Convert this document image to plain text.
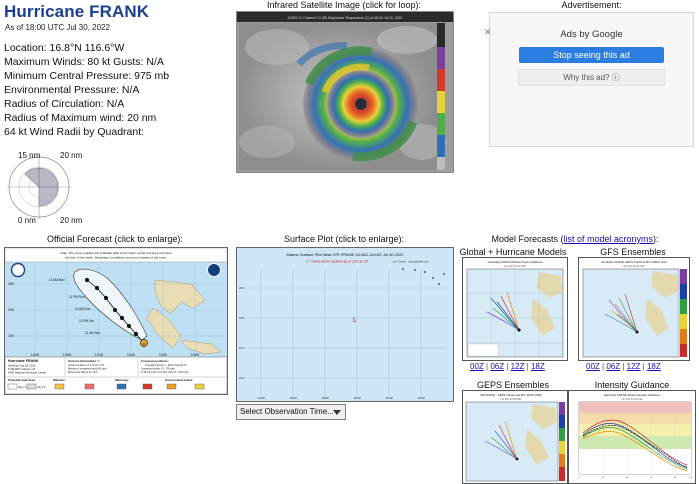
Hurricane FRANK
As of 18:00 UTC Jul 30, 2022
Location: 16.8°N 116.6°W
Maximum Winds: 80 kt Gusts: N/A
Minimum Central Pressure: 975 mb
Environmental Pressure: N/A
Radius of Circulation: N/A
Radius of Maximum wind: 20 nm
64 kt Wind Radii by Quadrant:
15 nm 20 nm
0 nm	20 nm
Infrared Satellite Image (click for loop):
GOES-17 Channel 13 (IR) Brightness Temperature (C) at 18:40 Jul 30, 2022
Advertisement:
✕	Ads by Google
Stop seeing this ad
Why this ad? ⓘ
Official Forecast (click to enlarge):	Surface Plot (click to enlarge):	Model Forecasts (list of model acronyms):
Note: The cone contains the probable path of the storm center but does not show
the size of the storm. Hazardous conditions can occur outside of the cone.
H
11 AM Mon
11 PM Sun
11 AM Sun
11 PM Sat
11 AM Sat
130W	125W	120W	115W	110W	105W
25N
20N
15N
Hurricane FRANK
Saturday July 30, 2022
5 AM MDT Advisory 15
NWS National Hurricane Center
Current information: ×
Center location 17.2 N 117.1 W
Maximum sustained wind 80 mph
Movement NW at 12 mph
Forecast positions:
Tropical Cyclone ◻ Post-Tropical TC
Sustained winds: D < 39 mph
S 39-73 mph H 74-110 mph M > 110 mph
Potential track area:	Watches:	Warnings:	Current wind extent:
Day 1-3	Day 4-5
Marine Surface Plot Near 07E FRANK 16:45Z-18:15Z Jul 30 2022
"L" marks storm location as of 12Z Jul 30	Levi Cowan - tropicaltidbits.com
20N
18N
16N
14N
122W	120W	118W	116W	114W	112W
L
Select Observation Time...
Global + Hurricane Models
Hurricane FRANK Model Track Guidance
Init: 00Z Jul 30 2022
00Z | 06Z | 12Z | 18Z
GFS Ensembles
Hurricane FRANK GEFS Tracks & Min. MSLP (mb)
Init: 00Z Jul 30 2022
00Z | 06Z | 12Z | 18Z
GEPS Ensembles
07E FRANK - GEPS Tracks and Min. MSLP (hPa)
Init: 00Z Jul 30 2022
Intensity Guidance
Hurricane FRANK Model Intensity Guidance
Init: 00Z Jul 30 2022
0	24	48	72	96	120
